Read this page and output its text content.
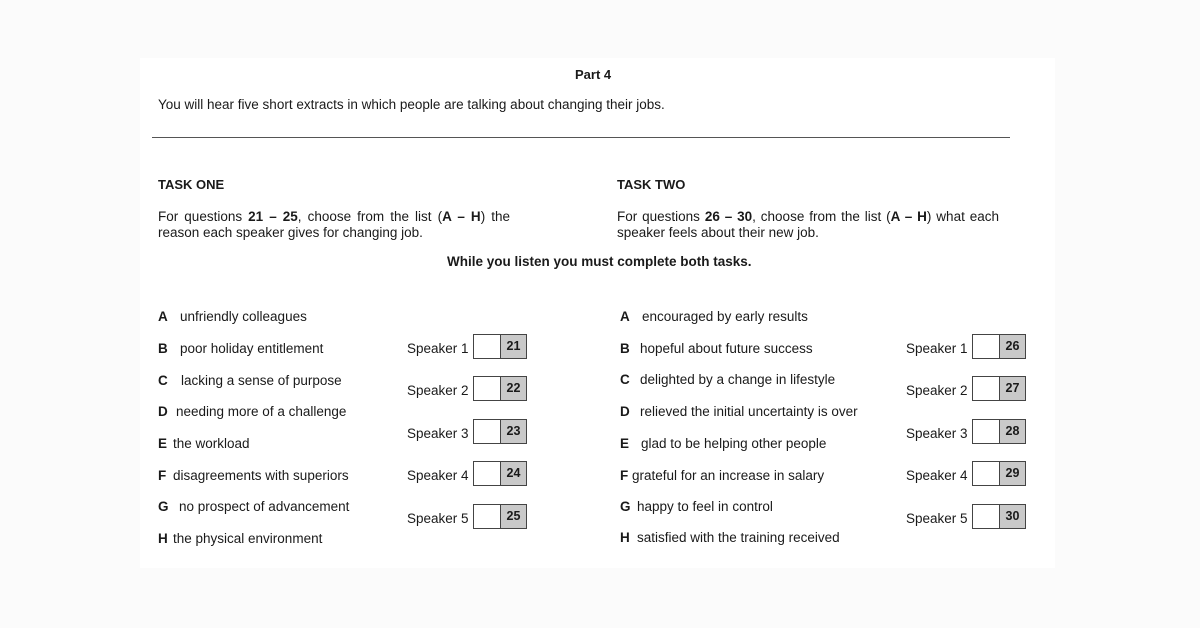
Part 4
You will hear five short extracts in which people are talking about changing their jobs.
TASK ONE
For questions 21 – 25, choose from the list (A – H) the reason each speaker gives for changing job.
TASK TWO
For questions 26 – 30, choose from the list (A – H) what each speaker feels about their new job.
While you listen you must complete both tasks.
A unfriendly colleagues
B poor holiday entitlement
C lacking a sense of purpose
D needing more of a challenge
E the workload
F disagreements with superiors
G no prospect of advancement
H the physical environment
Speaker 1	21
Speaker 2	22
Speaker 3	23
Speaker 4	24
Speaker 5	25
A encouraged by early results
B hopeful about future success
C delighted by a change in lifestyle
D relieved the initial uncertainty is over
E glad to be helping other people
F grateful for an increase in salary
G happy to feel in control
H satisfied with the training received
Speaker 1	26
Speaker 2	27
Speaker 3	28
Speaker 4	29
Speaker 5	30
